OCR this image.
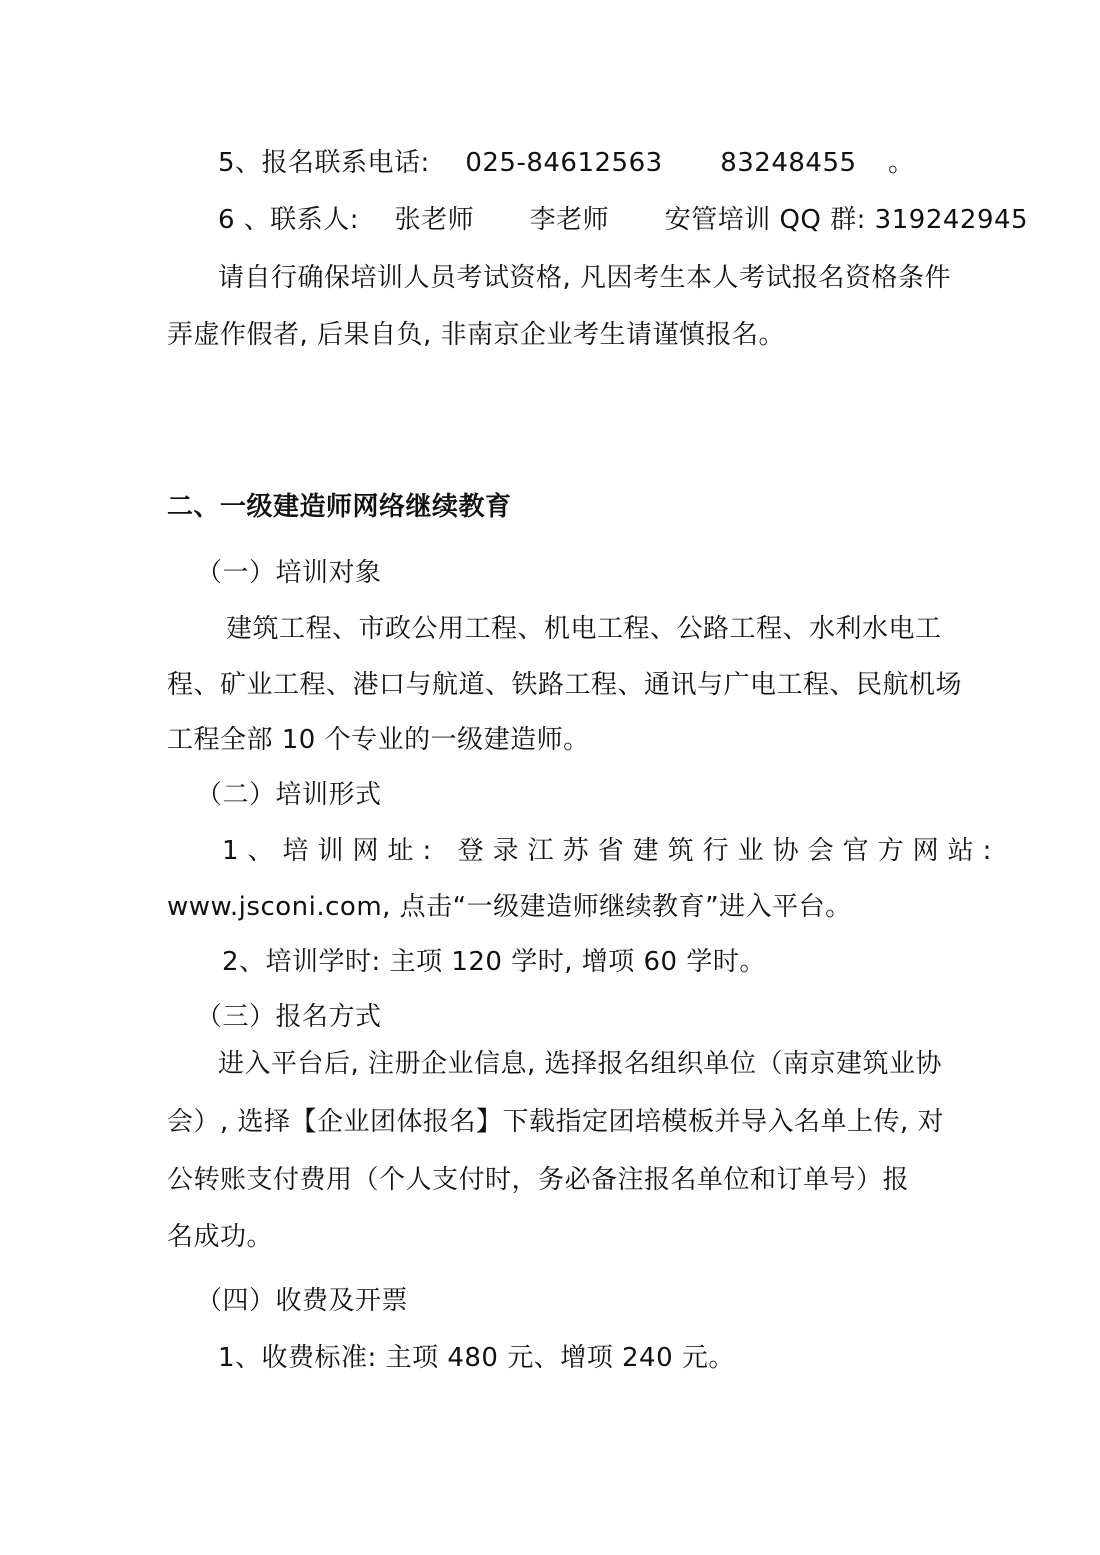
5、报名联系电话: 025-84612563 83248455 。
6 、联系人: 张老师 李老师 安管培训 QQ 群: 319242945
请自行确保培训人员考试资格, 凡因考生本人考试报名资格条件
弄虚作假者, 后果自负, 非南京企业考生请谨慎报名。
二、一级建造师网络继续教育
（一）培训对象
建筑工程、市政公用工程、机电工程、公路工程、水利水电工
程、矿业工程、港口与航道、铁路工程、通讯与广电工程、民航机场
工程全部 10 个专业的一级建造师。
（二）培训形式
1、培训网址: 登录江苏省建筑行业协会官方网站:
www.jsconi.com, 点击“一级建造师继续教育”进入平台。
2、培训学时: 主项 120 学时, 增项 60 学时。
（三）报名方式
进入平台后, 注册企业信息, 选择报名组织单位（南京建筑业协
会）, 选择【企业团体报名】下载指定团培模板并导入名单上传, 对
公转账支付费用（个人支付时，务必备注报名单位和订单号）报
名成功。
（四）收费及开票
1、收费标准: 主项 480 元、增项 240 元。
